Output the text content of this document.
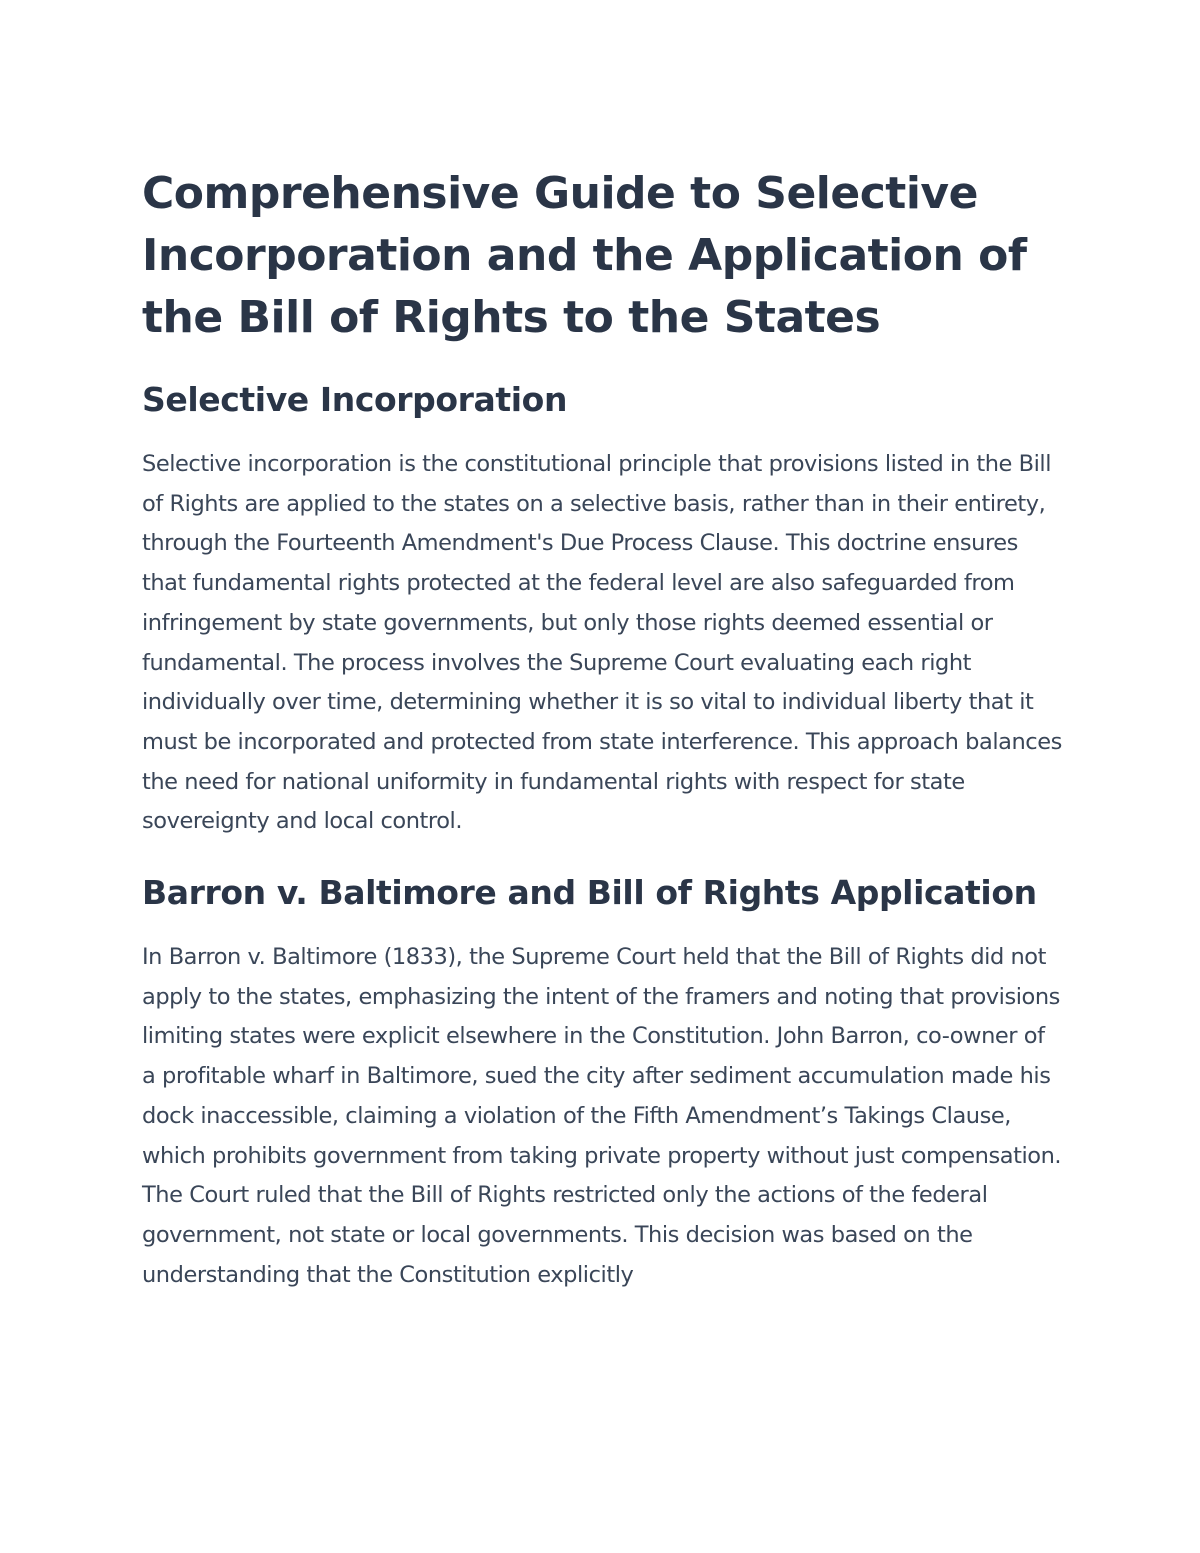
Comprehensive Guide to Selective Incorporation and the Application of the Bill of Rights to the States
Selective Incorporation

Selective incorporation is the constitutional principle that provisions listed in the Bill of Rights are applied to the states on a selective basis, rather than in their entirety, through the Fourteenth Amendment's Due Process Clause. This doctrine ensures that fundamental rights protected at the federal level are also safeguarded from infringement by state governments, but only those rights deemed essential or fundamental. The process involves the Supreme Court evaluating each right individually over time, determining whether it is so vital to individual liberty that it must be incorporated and protected from state interference. This approach balances the need for national uniformity in fundamental rights with respect for state sovereignty and local control.

Barron v. Baltimore and Bill of Rights Application

In Barron v. Baltimore (1833), the Supreme Court held that the Bill of Rights did not apply to the states, emphasizing the intent of the framers and noting that provisions limiting states were explicit elsewhere in the Constitution. John Barron, co-owner of a profitable wharf in Baltimore, sued the city after sediment accumulation made his dock inaccessible, claiming a violation of the Fifth Amendment’s Takings Clause, which prohibits government from taking private property without just compensation. The Court ruled that the Bill of Rights restricted only the actions of the federal government, not state or local governments. This decision was based on the understanding that the Constitution explicitly
